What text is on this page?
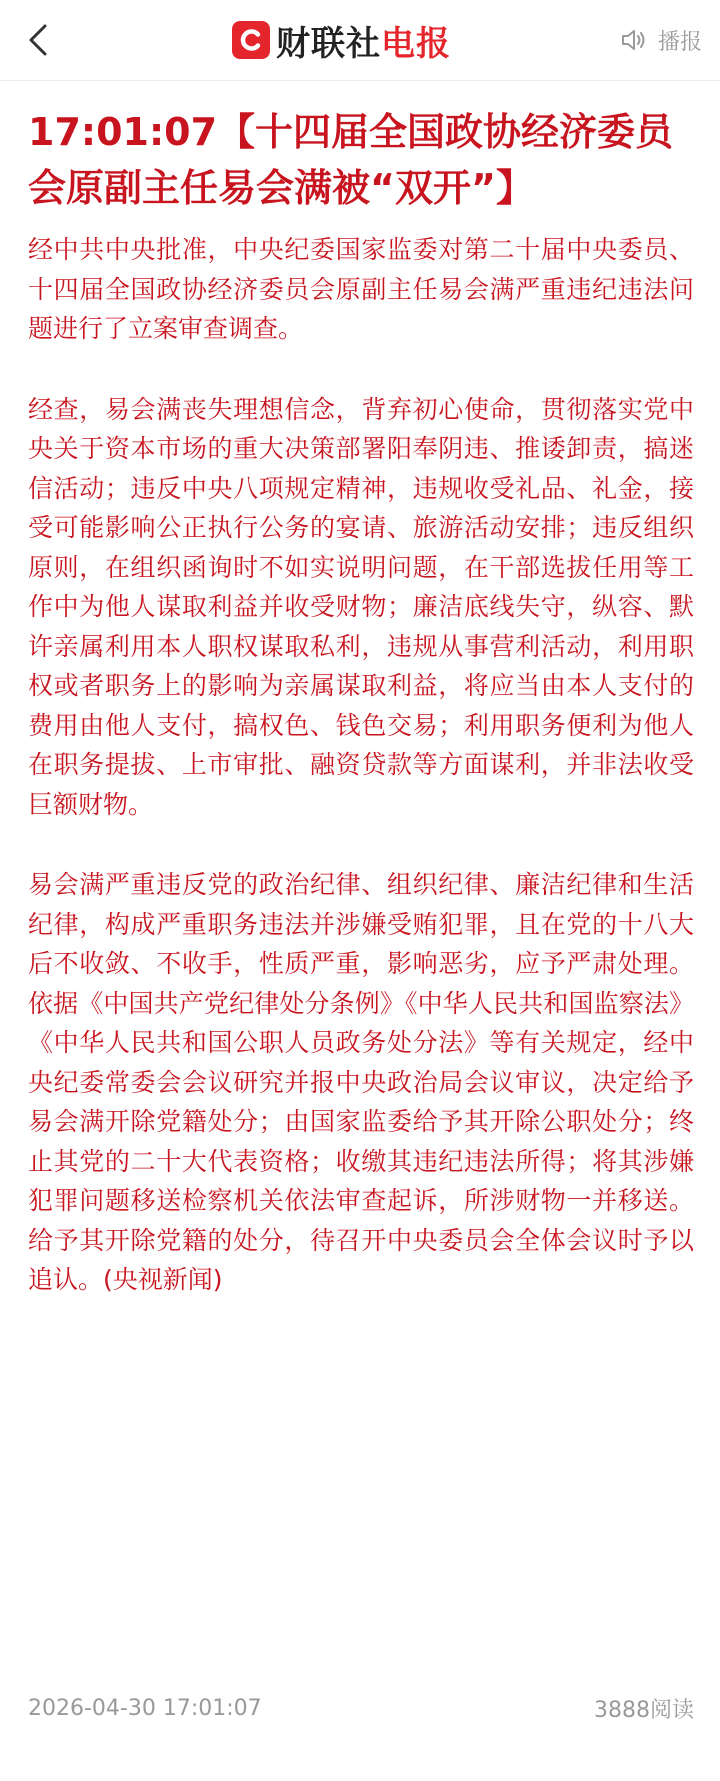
财联社 电报	播报
17:01:07【十四届全国政协经济委员会原副主任易会满被“双开”】

经中共中央批准，中央纪委国家监委对第二十届中央委员、十四届全国政协经济委员会原副主任易会满严重违纪违法问题进行了立案审查调查。

经查，易会满丧失理想信念，背弃初心使命，贯彻落实党中央关于资本市场的重大决策部署阳奉阴违、推诿卸责，搞迷信活动；违反中央八项规定精神，违规收受礼品、礼金，接受可能影响公正执行公务的宴请、旅游活动安排；违反组织原则，在组织函询时不如实说明问题，在干部选拔任用等工作中为他人谋取利益并收受财物；廉洁底线失守，纵容、默许亲属利用本人职权谋取私利，违规从事营利活动，利用职权或者职务上的影响为亲属谋取利益，将应当由本人支付的费用由他人支付，搞权色、钱色交易；利用职务便利为他人在职务提拔、上市审批、融资贷款等方面谋利，并非法收受巨额财物。

易会满严重违反党的政治纪律、组织纪律、廉洁纪律和生活纪律，构成严重职务违法并涉嫌受贿犯罪，且在党的十八大后不收敛、不收手，性质严重，影响恶劣，应予严肃处理。依据《中国共产党纪律处分条例》《中华人民共和国监察法》《中华人民共和国公职人员政务处分法》等有关规定，经中央纪委常委会会议研究并报中央政治局会议审议，决定给予易会满开除党籍处分；由国家监委给予其开除公职处分；终止其党的二十大代表资格；收缴其违纪违法所得；将其涉嫌犯罪问题移送检察机关依法审查起诉，所涉财物一并移送。给予其开除党籍的处分，待召开中央委员会全体会议时予以追认。(央视新闻)

2026-04-30 17:01:07	3888阅读
